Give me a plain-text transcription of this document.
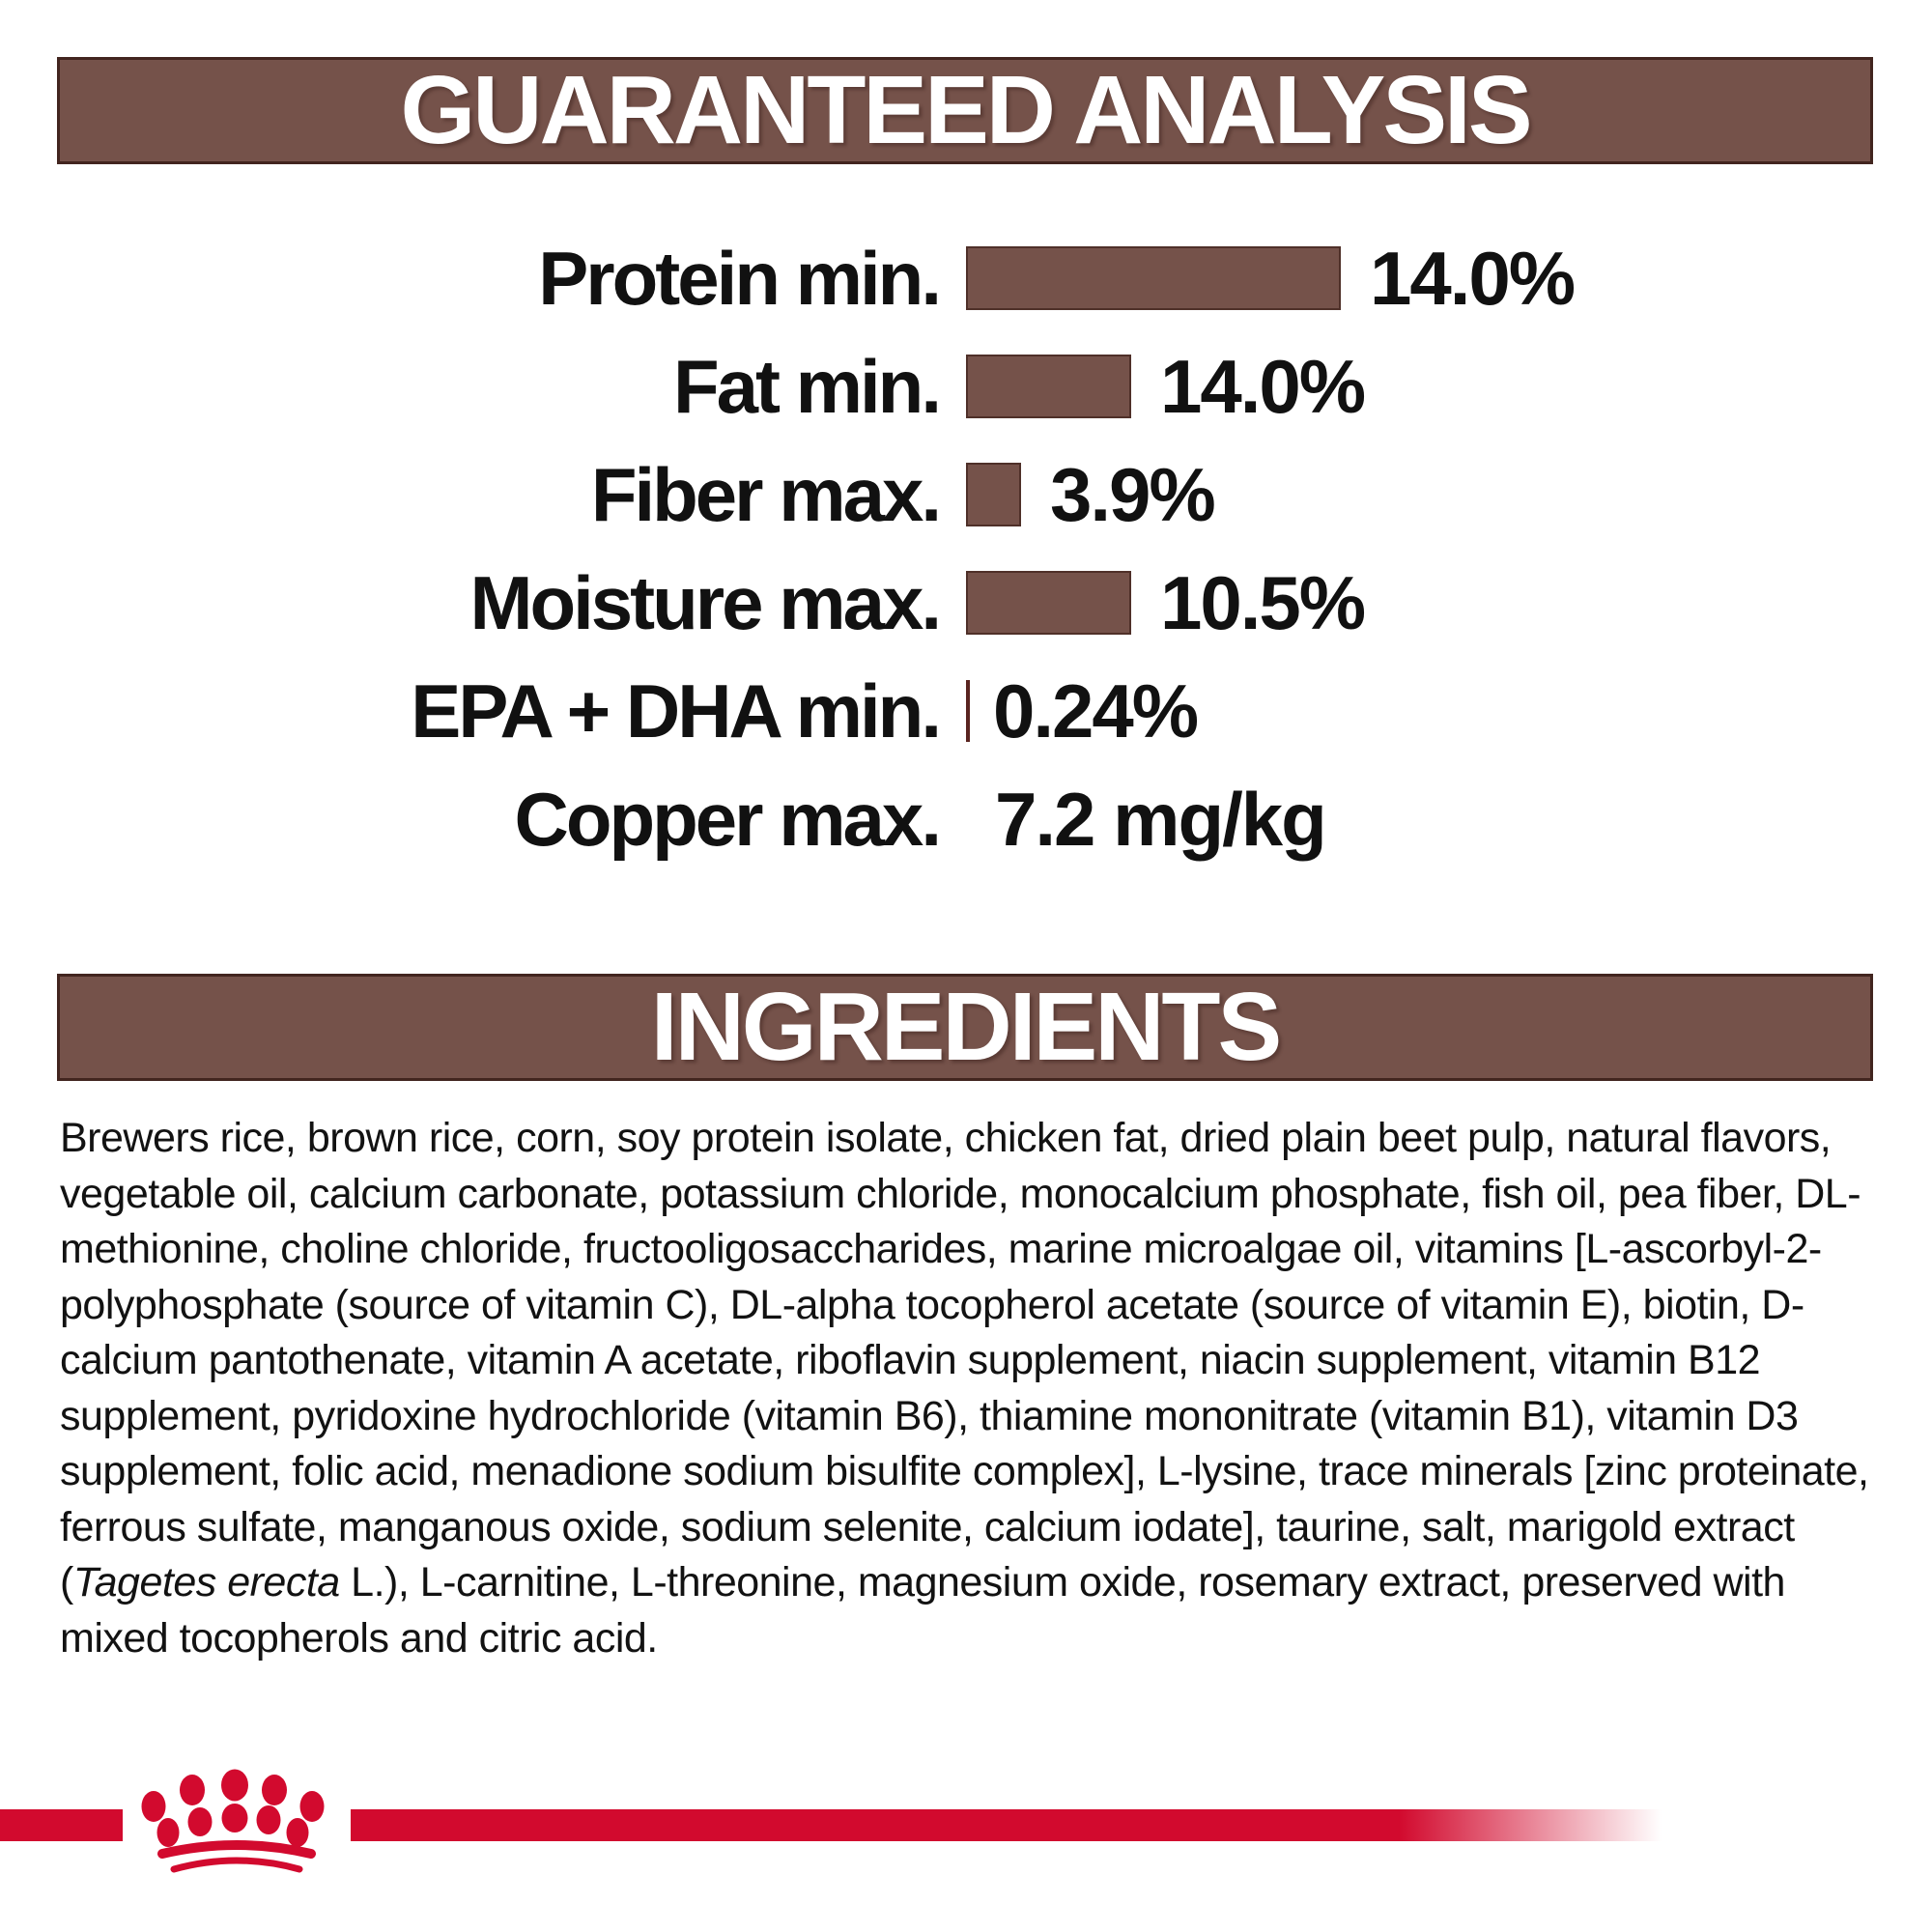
GUARANTEED ANALYSIS
Protein min.	14.0%
Fat min.	14.0%
Fiber max. 3.9%
Moisture max.	10.5%
EPA + DHA min. 0.24%
Copper max. 7.2 mg/kg
INGREDIENTS

Brewers rice, brown rice, corn, soy protein isolate, chicken fat, dried plain beet pulp, natural flavors, vegetable oil, calcium carbonate, potassium chloride, monocalcium phosphate, fish oil, pea fiber, DL-methionine, choline chloride, fructooligosaccharides, marine microalgae oil, vitamins [L-ascorbyl-2-polyphosphate (source of vitamin C), DL-alpha tocopherol acetate (source of vitamin E), biotin, D-calcium pantothenate, vitamin A acetate, riboflavin supplement, niacin supplement, vitamin B12 supplement, pyridoxine hydrochloride (vitamin B6), thiamine mononitrate (vitamin B1), vitamin D3 supplement, folic acid, menadione sodium bisulfite complex], L-lysine, trace minerals [zinc proteinate, ferrous sulfate, manganous oxide, sodium selenite, calcium iodate], taurine, salt, marigold extract (Tagetes erecta L.), L-carnitine, L-threonine, magnesium oxide, rosemary extract, preserved with mixed tocopherols and citric acid.
